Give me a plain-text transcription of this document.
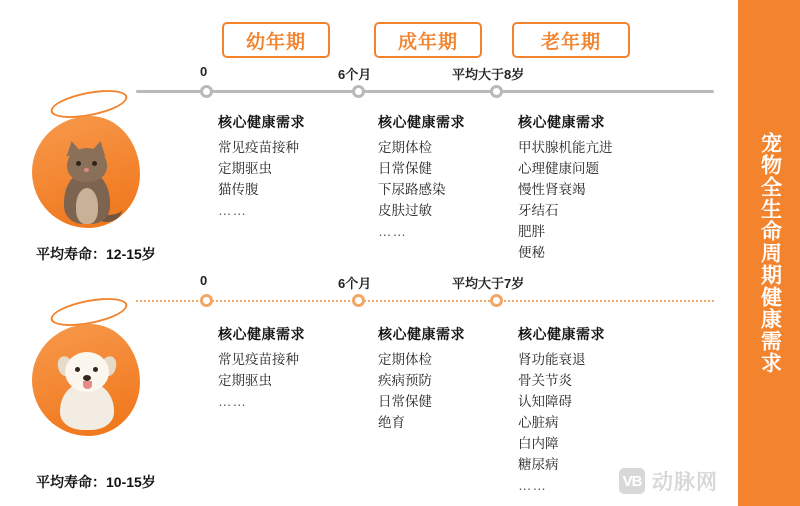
幼年期	成年期	老年期
0	6个月	平均大于8岁
平均寿命：12-15岁
核心健康需求
常见疫苗接种
定期驱虫
猫传腹
……
核心健康需求
定期体检
日常保健
下尿路感染
皮肤过敏
……
核心健康需求
甲状腺机能亢进
心理健康问题
慢性肾衰竭
牙结石
肥胖
便秘
0	6个月	平均大于7岁
平均寿命：10-15岁
核心健康需求
常见疫苗接种
定期驱虫
……
核心健康需求
定期体检
疾病预防
日常保健
绝育
核心健康需求
肾功能衰退
骨关节炎
认知障碍
心脏病
白内障
糖尿病
……
宠物全生命周期健康需求
VB 动脉网
